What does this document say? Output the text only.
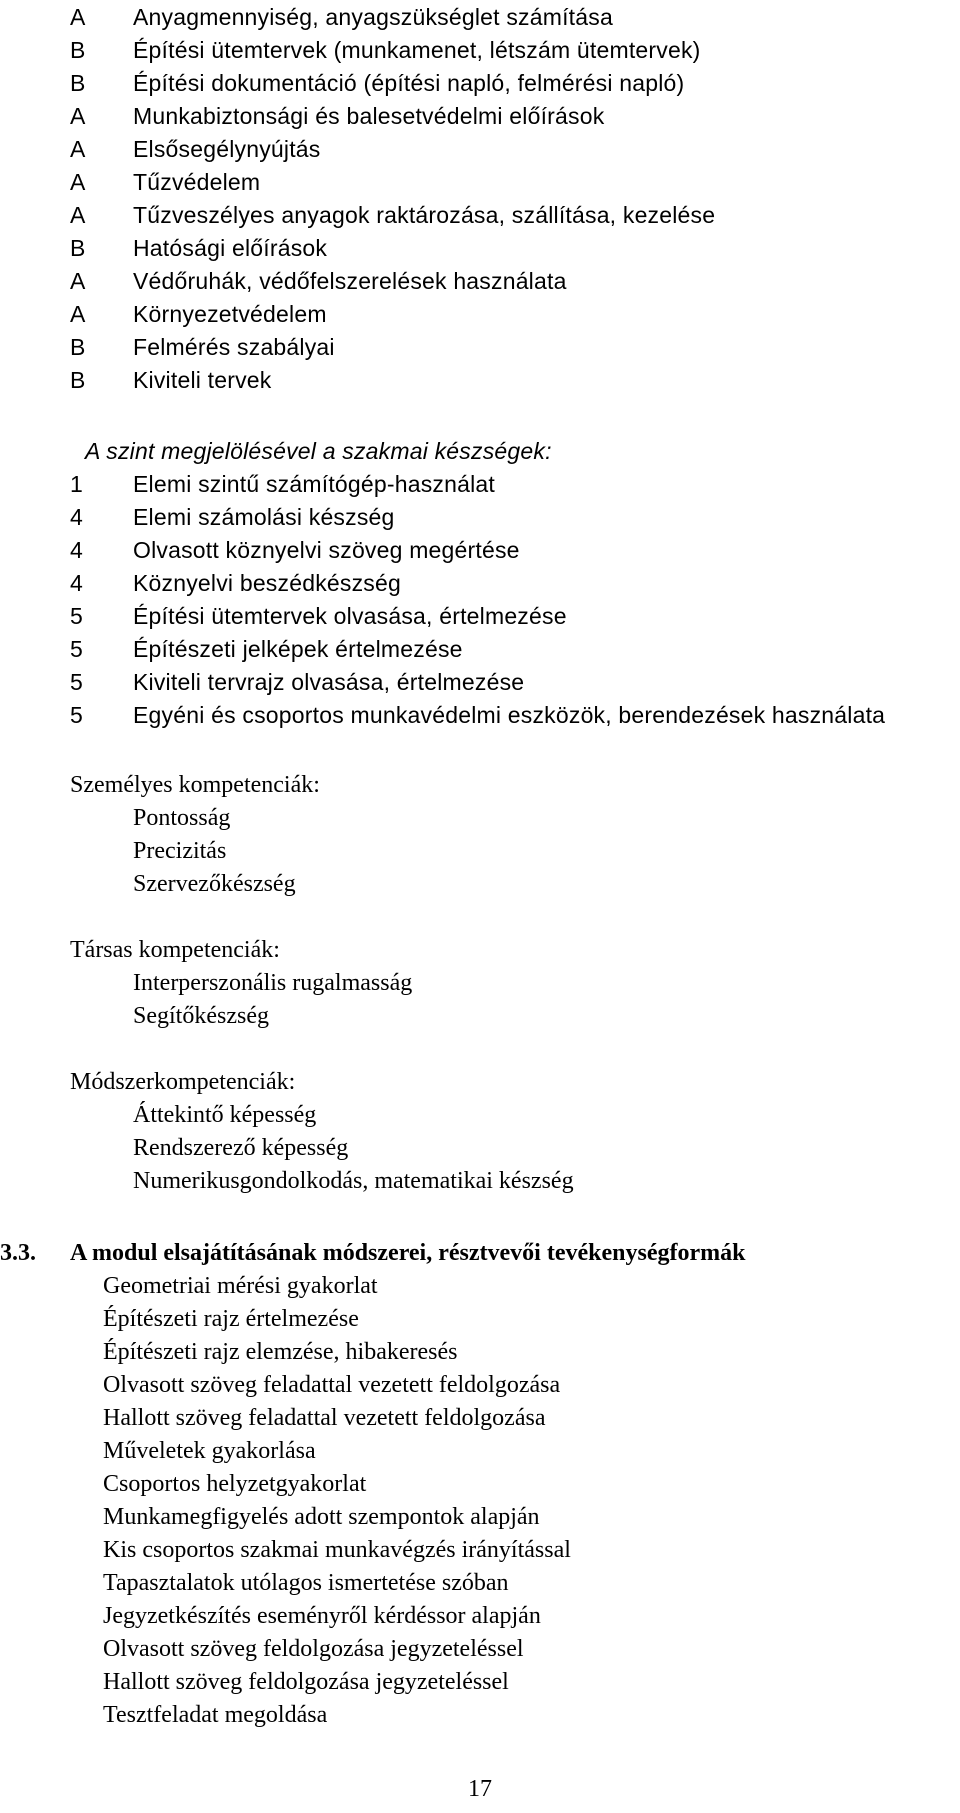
A Anyagmennyiség, anyagszükséglet számítása
B Építési ütemtervek (munkamenet, létszám ütemtervek)
B Építési dokumentáció (építési napló, felmérési napló)
A Munkabiztonsági és balesetvédelmi előírások
A Elsősegélynyújtás
A Tűzvédelem
A Tűzveszélyes anyagok raktározása, szállítása, kezelése
B Hatósági előírások
A Védőruhák, védőfelszerelések használata
A Környezetvédelem
B Felmérés szabályai
B Kiviteli tervek
A szint megjelölésével a szakmai készségek:
1 Elemi szintű számítógép-használat
4 Elemi számolási készség
4 Olvasott köznyelvi szöveg megértése
4 Köznyelvi beszédkészség
5 Építési ütemtervek olvasása, értelmezése
5 Építészeti jelképek értelmezése
5 Kiviteli tervrajz olvasása, értelmezése
5 Egyéni és csoportos munkavédelmi eszközök, berendezések használata
Személyes kompetenciák:
Pontosság
Precizitás
Szervezőkészség
Társas kompetenciák:
Interperszonális rugalmasság
Segítőkészség
Módszerkompetenciák:
Áttekintő képesség
Rendszerező képesség
Numerikusgondolkodás, matematikai készség
3.3. A modul elsajátításának módszerei, résztvevői tevékenységformák
Geometriai mérési gyakorlat
Építészeti rajz értelmezése
Építészeti rajz elemzése, hibakeresés
Olvasott szöveg feladattal vezetett feldolgozása
Hallott szöveg feladattal vezetett feldolgozása
Műveletek gyakorlása
Csoportos helyzetgyakorlat
Munkamegfigyelés adott szempontok alapján
Kis csoportos szakmai munkavégzés irányítással
Tapasztalatok utólagos ismertetése szóban
Jegyzetkészítés eseményről kérdéssor alapján
Olvasott szöveg feldolgozása jegyzeteléssel
Hallott szöveg feldolgozása jegyzeteléssel
Tesztfeladat megoldása
17
